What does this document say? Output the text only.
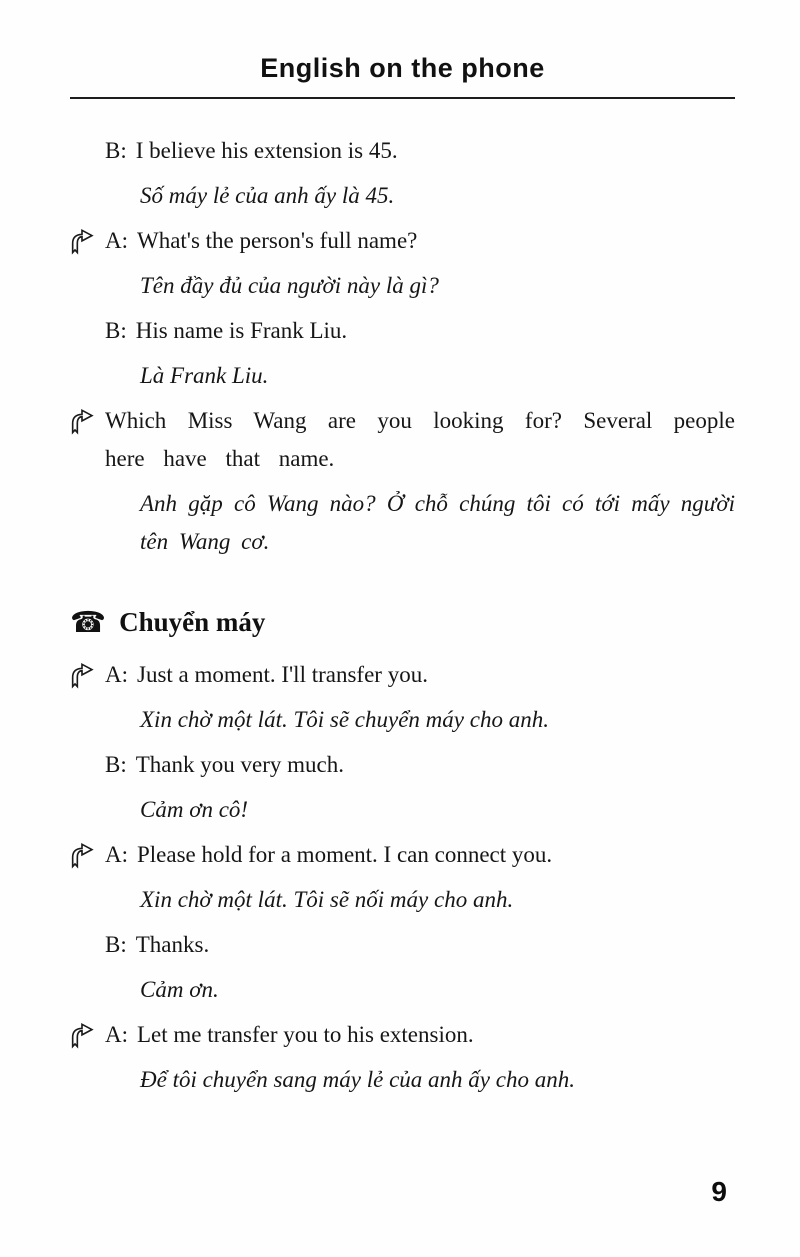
English on the phone
B: I believe his extension is 45.
Số máy lẻ của anh ấy là 45.
A: What's the person's full name?
Tên đầy đủ của người này là gì?
B: His name is Frank Liu.
Là Frank Liu.
Which Miss Wang are you looking for? Several people here have that name.
Anh gặp cô Wang nào? Ở chỗ chúng tôi có tới mấy người tên Wang cơ.
☎ Chuyển máy
A: Just a moment. I'll transfer you.
Xin chờ một lát. Tôi sẽ chuyển máy cho anh.
B: Thank you very much.
Cảm ơn cô!
A: Please hold for a moment. I can connect you.
Xin chờ một lát. Tôi sẽ nối máy cho anh.
B: Thanks.
Cảm ơn.
A: Let me transfer you to his extension.
Để tôi chuyển sang máy lẻ của anh ấy cho anh.
9
